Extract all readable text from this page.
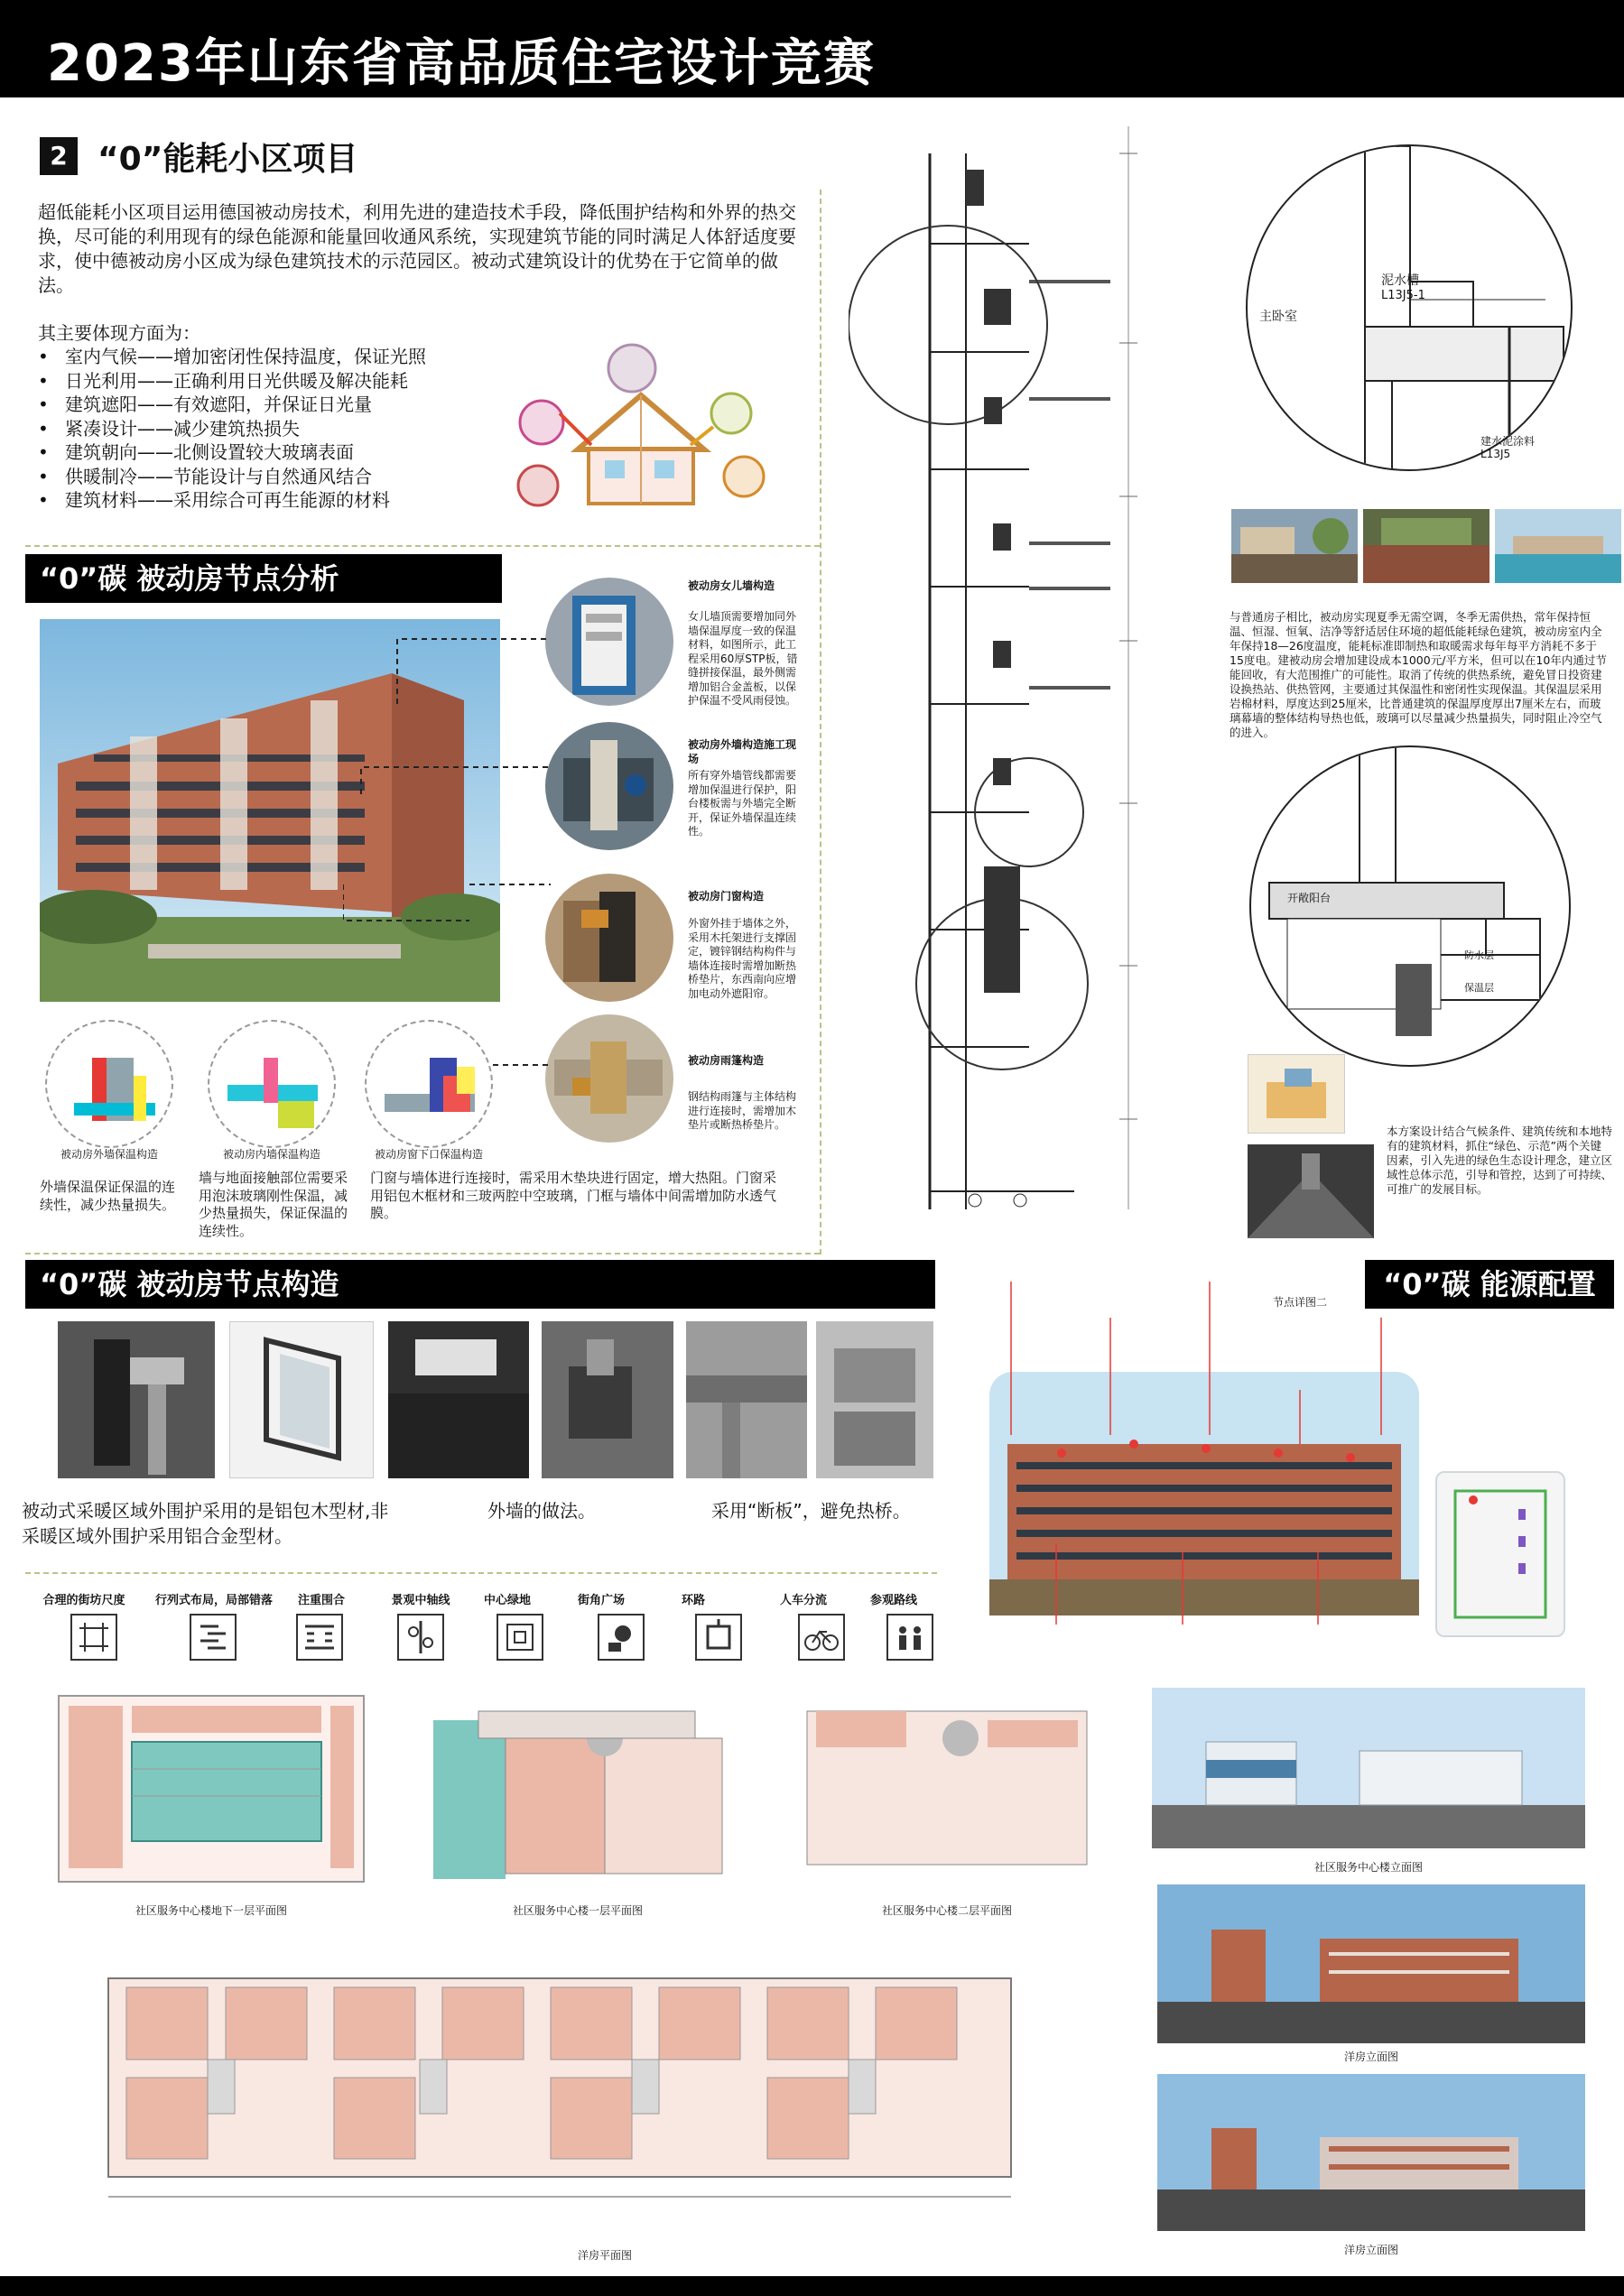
2023年山东省高品质住宅设计竞赛
2 “0”能耗小区项目
超低能耗小区项目运用德国被动房技术，利用先进的建造技术手段，降低围护结构和外界的热交换，尽可能的利用现有的绿色能源和能量回收通风系统，实现建筑节能的同时满足人体舒适度要求，使中德被动房小区成为绿色建筑技术的示范园区。被动式建筑设计的优势在于它简单的做法。
其主要体现方面为：
• 室内气候——增加密闭性保持温度，保证光照
• 日光利用——正确利用日光供暖及解决能耗
• 建筑遮阳——有效遮阳，并保证日光量
• 紧凑设计——减少建筑热损失
• 建筑朝向——北侧设置较大玻璃表面
• 供暖制冷——节能设计与自然通风结合
• 建筑材料——采用综合可再生能源的材料
“0”碳 被动房节点分析	被动房女儿墙构造
女儿墙顶需要增加同外墙保温厚度一致的保温材料，如图所示，此工程采用60厚STP板，错缝拼接保温，最外侧需增加铝合金盖板，以保护保温不受风雨侵蚀。
被动房外墙构造施工现场
所有穿外墙管线都需要增加保温进行保护，阳台楼板需与外墙完全断开，保证外墙保温连续性。
被动房门窗构造
外窗外挂于墙体之外，采用木托架进行支撑固定，镀锌钢结构构件与墙体连接时需增加断热桥垫片，东西南向应增加电动外遮阳帘。
被动房雨篷构造
钢结构雨篷与主体结构进行连接时，需增加木垫片或断热桥垫片。
被动房外墙保温构造	被动房内墙保温构造	被动房窗下口保温构造
外墙保温保证保温的连续性，减少热量损失。
墙与地面接触部位需要采用泡沫玻璃刚性保温，减少热量损失，保证保温的连续性。
门窗与墙体进行连接时，需采用木垫块进行固定，增大热阻。门窗采用铝包木框材和三玻两腔中空玻璃，门框与墙体中间需增加防水透气膜。
主卧室
泥水槽
L13J5-1
建水泥涂料
L13J5
与普通房子相比，被动房实现夏季无需空调，冬季无需供热，常年保持恒温、恒湿、恒氧、洁净等舒适居住环境的超低能耗绿色建筑，被动房室内全年保持18—26度温度，能耗标准即制热和取暖需求每年每平方消耗不多于15度电。建被动房会增加建设成本1000元/平方米，但可以在10年内通过节能回收，有大范围推广的可能性。取消了传统的供热系统，避免冒日投资建设换热站、供热管网，主要通过其保温性和密闭性实现保温。其保温层采用岩棉材料，厚度达到25厘米，比普通建筑的保温厚度厚出7厘米左右，而玻璃幕墙的整体结构导热也低，玻璃可以尽量减少热量损失，同时阻止冷空气的进入。
开敞阳台
防水层
保温层
本方案设计结合气候条件、建筑传统和本地特有的建筑材料，抓住“绿色、示范”两个关键因素，引入先进的绿色生态设计理念，建立区域性总体示范，引导和管控，达到了可持续、可推广的发展目标。
“0”碳 被动房节点构造
被动式采暖区域外围护采用的是铝包木型材,非采暖区域外围护采用铝合金型材。
外墙的做法。	采用“断板”，避免热桥。
“0”碳 能源配置
节点详图二
合理的街坊尺度	行列式布局，局部错落	注重围合	景观中轴线	中心绿地	街角广场	环路	人车分流	参观路线
社区服务中心楼地下一层平面图	社区服务中心楼一层平面图	社区服务中心楼二层平面图
洋房平面图
社区服务中心楼立面图
洋房立面图
洋房立面图
